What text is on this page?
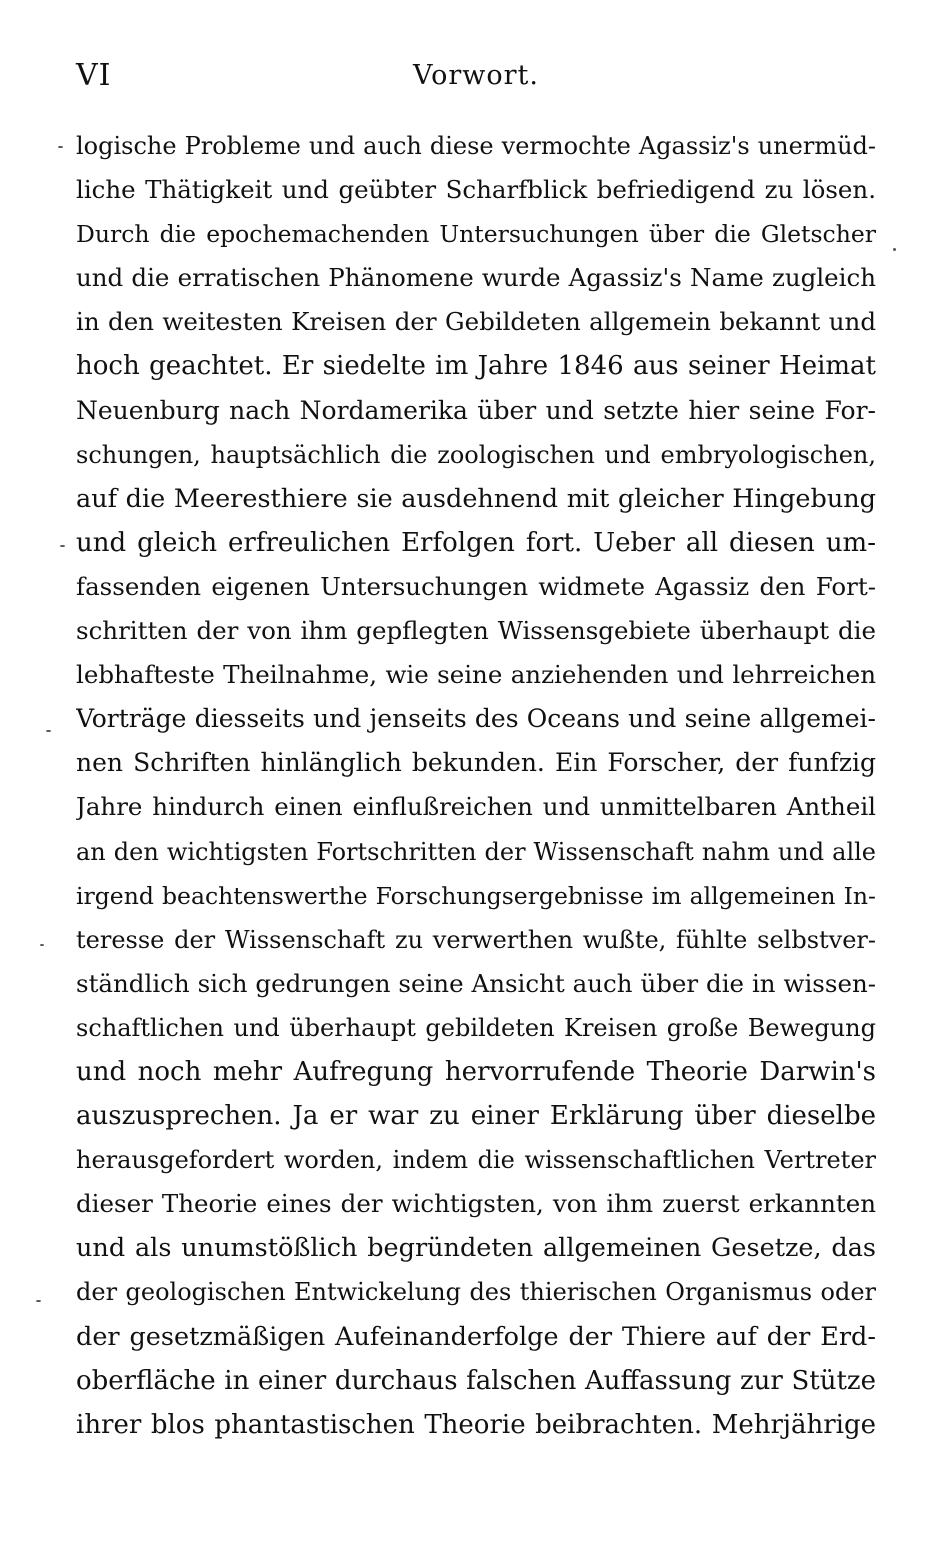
VI	Vorwort.
logische Probleme und auch diese vermochte Agassiz's unermüd-
liche Thätigkeit und geübter Scharfblick befriedigend zu lösen.
Durch die epochemachenden Untersuchungen über die Gletscher
und die erratischen Phänomene wurde Agassiz's Name zugleich
in den weitesten Kreisen der Gebildeten allgemein bekannt und
hoch geachtet. Er siedelte im Jahre 1846 aus seiner Heimat
Neuenburg nach Nordamerika über und setzte hier seine For-
schungen, hauptsächlich die zoologischen und embryologischen,
auf die Meeresthiere sie ausdehnend mit gleicher Hingebung
und gleich erfreulichen Erfolgen fort. Ueber all diesen um-
fassenden eigenen Untersuchungen widmete Agassiz den Fort-
schritten der von ihm gepflegten Wissensgebiete überhaupt die
lebhafteste Theilnahme, wie seine anziehenden und lehrreichen
Vorträge diesseits und jenseits des Oceans und seine allgemei-
nen Schriften hinlänglich bekunden. Ein Forscher, der funfzig
Jahre hindurch einen einflußreichen und unmittelbaren Antheil
an den wichtigsten Fortschritten der Wissenschaft nahm und alle
irgend beachtenswerthe Forschungsergebnisse im allgemeinen In-
teresse der Wissenschaft zu verwerthen wußte, fühlte selbstver-
ständlich sich gedrungen seine Ansicht auch über die in wissen-
schaftlichen und überhaupt gebildeten Kreisen große Bewegung
und noch mehr Aufregung hervorrufende Theorie Darwin's
auszusprechen. Ja er war zu einer Erklärung über dieselbe
herausgefordert worden, indem die wissenschaftlichen Vertreter
dieser Theorie eines der wichtigsten, von ihm zuerst erkannten
und als unumstößlich begründeten allgemeinen Gesetze, das
der geologischen Entwickelung des thierischen Organismus oder
der gesetzmäßigen Aufeinanderfolge der Thiere auf der Erd-
oberfläche in einer durchaus falschen Auffassung zur Stütze
ihrer blos phantastischen Theorie beibrachten. Mehrjährige
